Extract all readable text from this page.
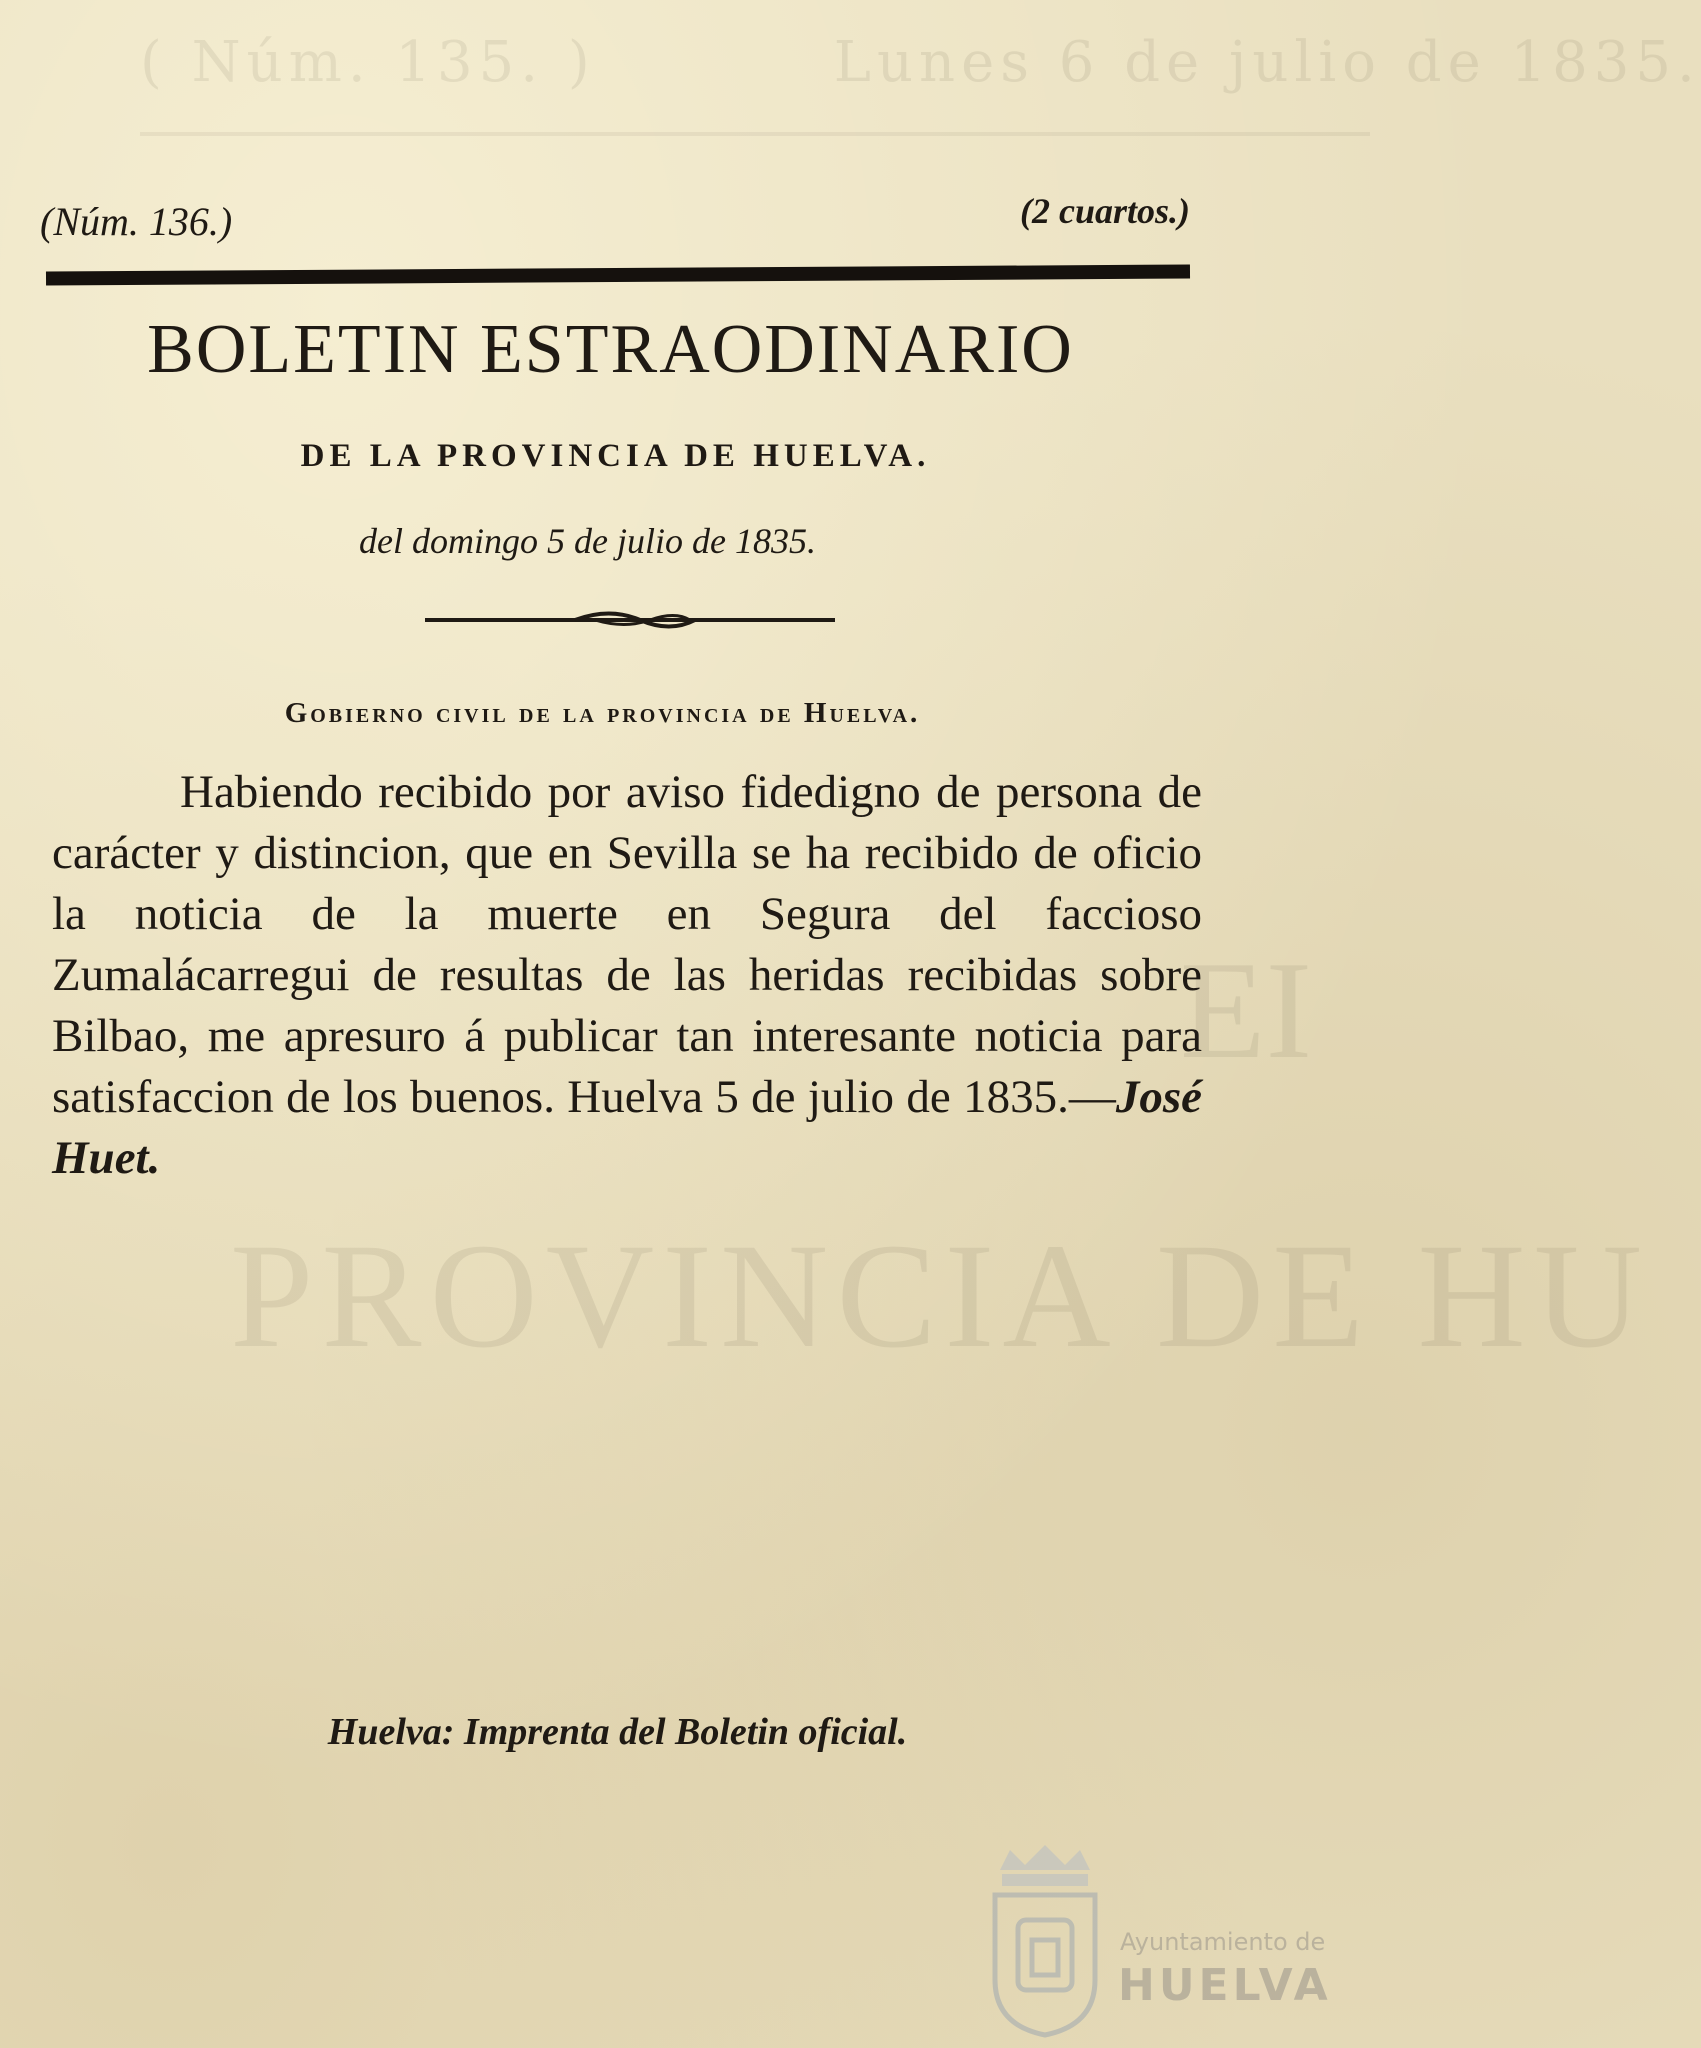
( Núm. 135. )          Lunes 6 de julio de 1835.
PROVINCIA DE HU
EI
(Núm. 136.)	(2 cuartos.)
BOLETIN ESTRAODINARIO
DE LA PROVINCIA DE HUELVA.
del domingo 5 de julio de 1835.
Gobierno civil de la provincia de Huelva.
Habiendo recibido por aviso fidedigno de persona de carácter y distincion, que en Sevilla se ha recibido de oficio la noticia de la muerte en Segura del faccioso Zumalácarregui de resultas de las heridas recibidas sobre Bilbao, me apresuro á publicar tan interesante noticia para satisfaccion de los buenos. Huelva 5 de julio de 1835.—José Huet.
Huelva: Imprenta del Boletin oficial.
Ayuntamiento de
HUELVA
